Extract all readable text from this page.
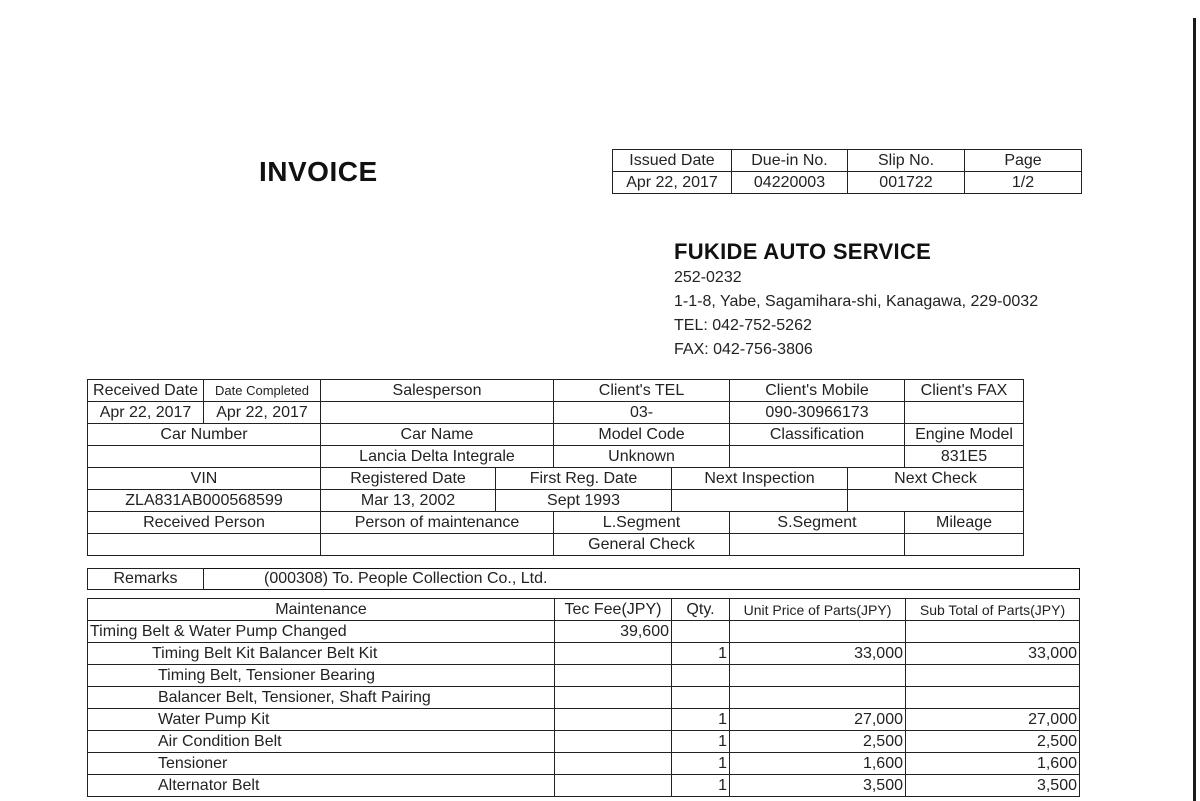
INVOICE	Issued Date	Due-in No.	Slip No.	Page
Apr 22, 2017	04220003	001722	1/2
FUKIDE AUTO SERVICE
252-0232
1-1-8, Yabe, Sagamihara-shi, Kanagawa, 229-0032
TEL: 042-752-5262
FAX: 042-756-3806
Received Date	Date Completed	Salesperson		Client's TEL		Client's Mobile		Client's FAX
Apr 22, 2017	Apr 22, 2017			03-		090-30966173		
Car Number		Car Name		Model Code		Classification		Engine Model
		Lancia Delta Integrale		Unknown				831E5
VIN		Registered Date	First Reg. Date		Next Inspection		Next Check	
ZLA831AB000568599		Mar 13, 2002	Sept 1993					
Received Person		Person of maintenance		L.Segment		S.Segment		Mileage
				General Check				
Remarks	(000308) To. People Collection Co., Ltd.
Maintenance	Tec Fee(JPY)	Qty.	Unit Price of Parts(JPY)	Sub Total of Parts(JPY)
Timing Belt & Water Pump Changed	39,600			
Timing Belt Kit Balancer Belt Kit		1	33,000	33,000
Timing Belt, Tensioner Bearing				
Balancer Belt, Tensioner, Shaft Pairing				
Water Pump Kit		1	27,000	27,000
Air Condition Belt		1	2,500	2,500
Tensioner		1	1,600	1,600
Alternator Belt		1	3,500	3,500
